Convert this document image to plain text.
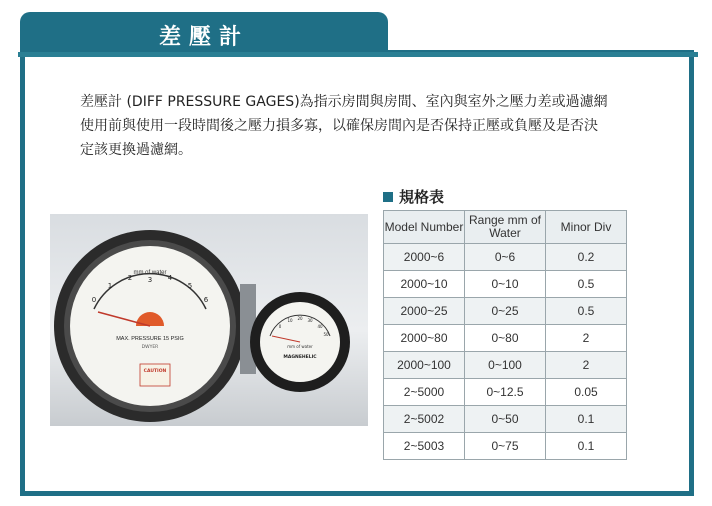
差壓計
差壓計 (DIFF PRESSURE GAGES)為指示房間與房間、室內與室外之壓力差或過濾網
使用前與使用一段時間後之壓力損多寡，以確保房間內是否保持正壓或負壓及是否決
定該更換過濾網。
規格表
Model Number	Range mm of Water	Minor Div
2000~6	0~6	0.2
2000~10	0~10	0.5
2000~25	0~25	0.5
2000~80	0~80	2
2000~100	0~100	2
2~5000	0~12.5	0.05
2~5002	0~50	0.1
2~5003	0~75	0.1
mm of water
0
1
2 3 4
5
6
MAX. PRESSURE 15 PSIG
DWYER
CAUTION
0
10 20 30
40
50
mm of water
MAGNEHELIC
